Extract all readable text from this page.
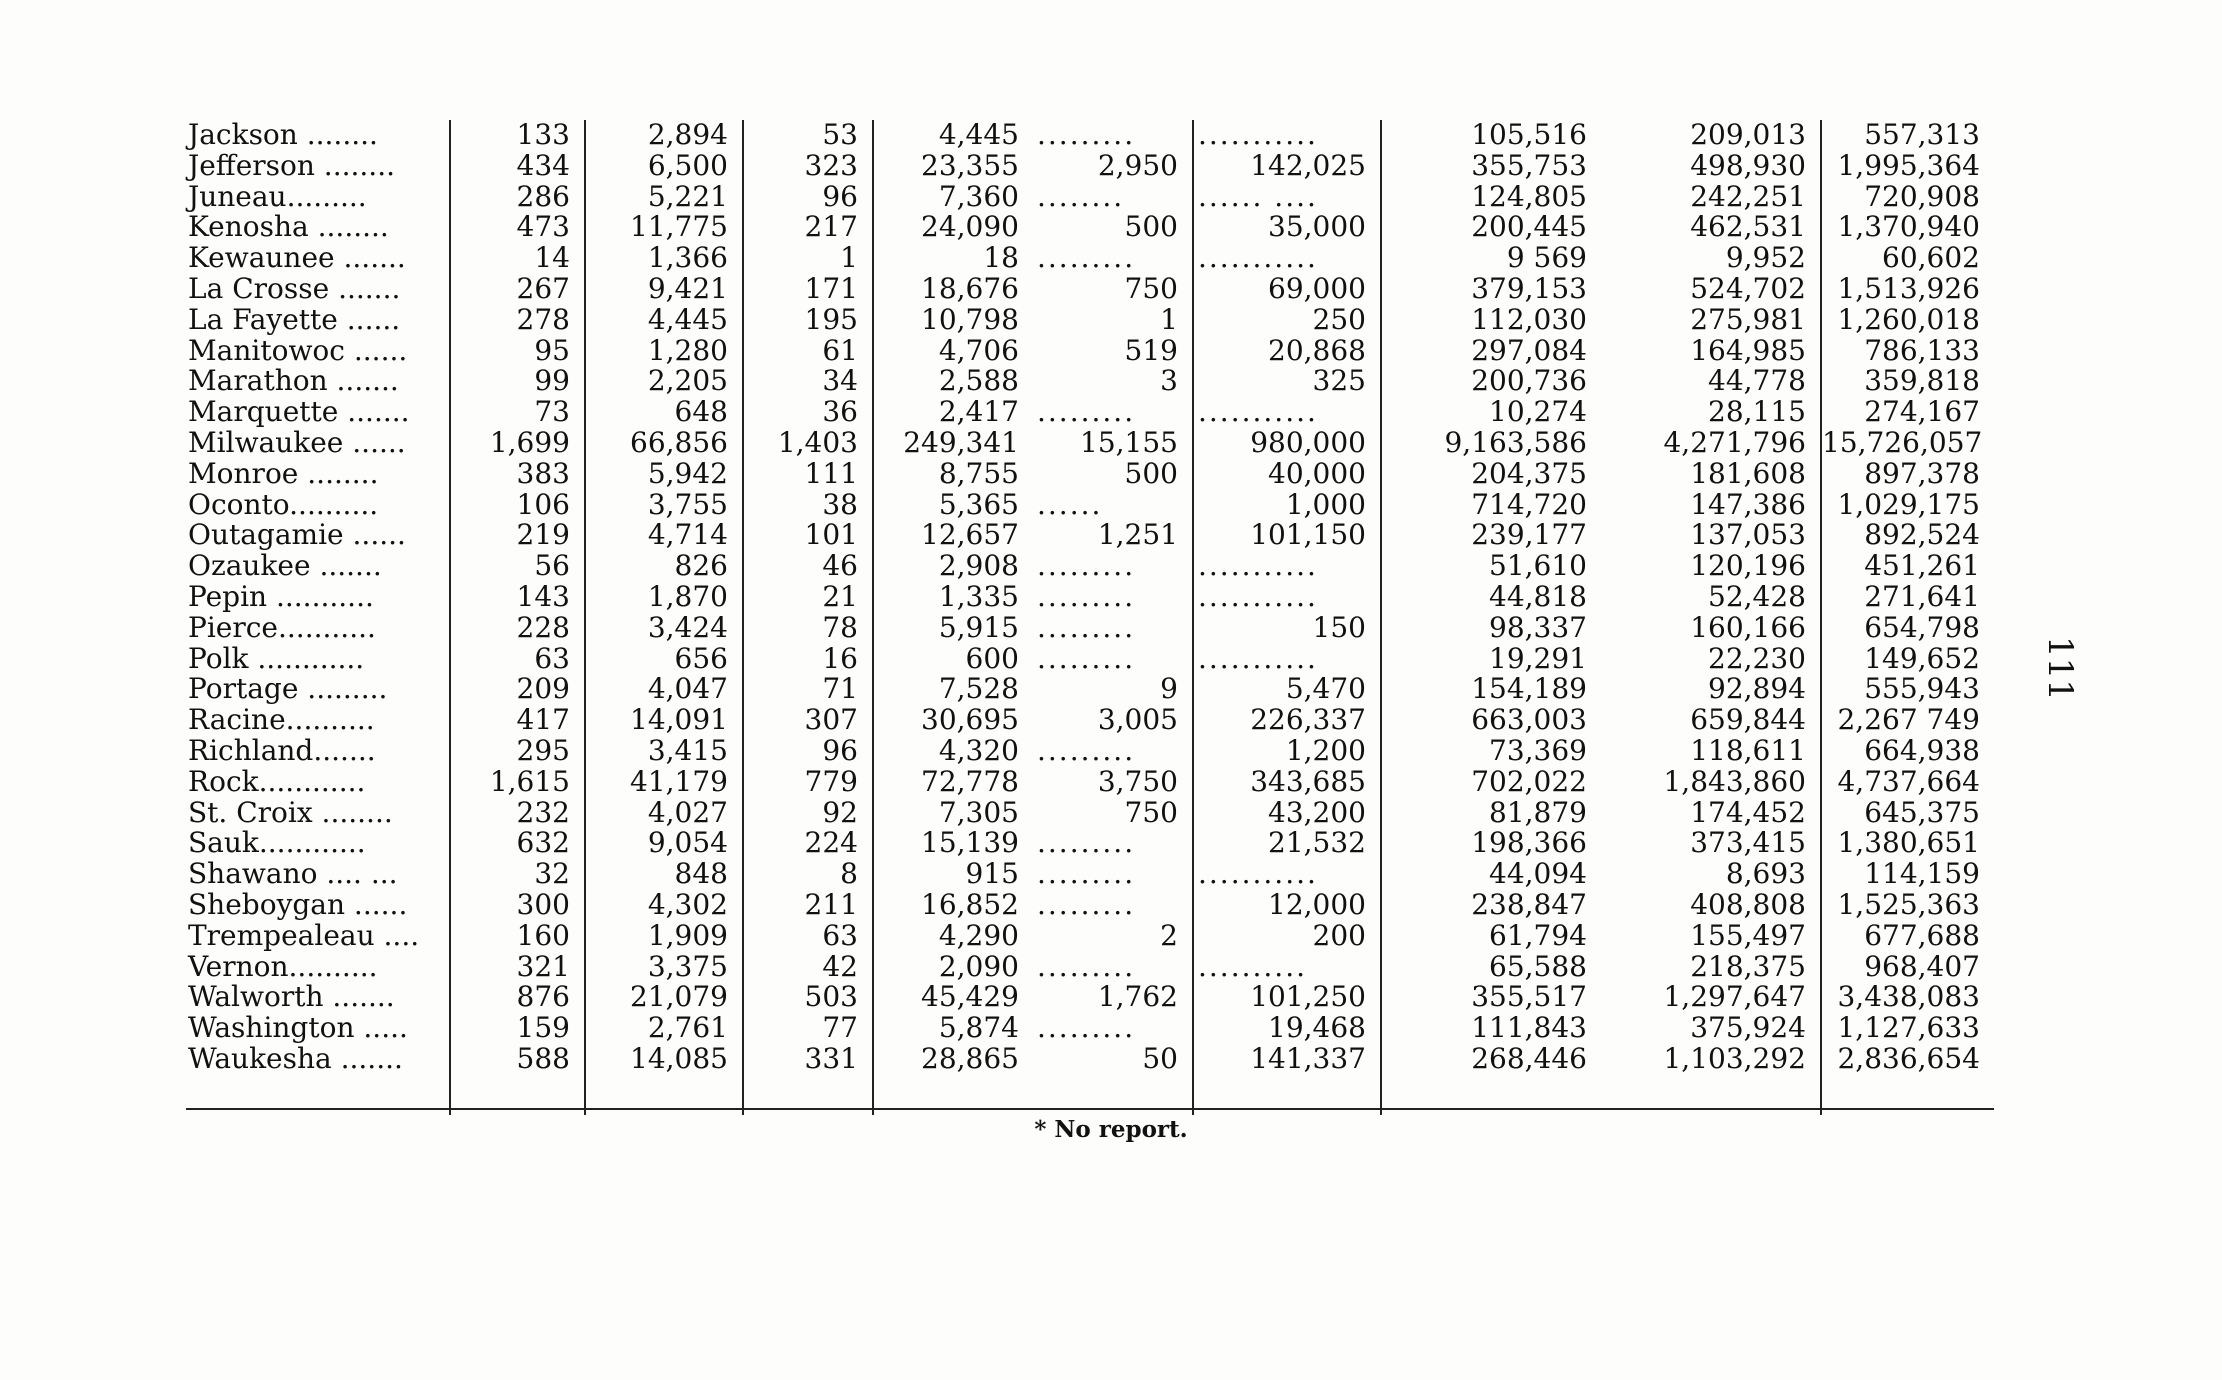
Jackson ........	133	2,894	53	4,445	.........	...........	105,516	209,013	557,313
Jefferson ........	434	6,500	323	23,355	2,950	142,025	355,753	498,930	1,995,364
Juneau.........	286	5,221	96	7,360	........	...... ....	124,805	242,251	720,908
Kenosha ........	473	11,775	217	24,090	500	35,000	200,445	462,531	1,370,940
Kewaunee .......	14	1,366	1	18	.........	...........	9 569	9,952	60,602
La Crosse .......	267	9,421	171	18,676	750	69,000	379,153	524,702	1,513,926
La Fayette ......	278	4,445	195	10,798	1	250	112,030	275,981	1,260,018
Manitowoc ......	95	1,280	61	4,706	519	20,868	297,084	164,985	786,133
Marathon .......	99	2,205	34	2,588	3	325	200,736	44,778	359,818
Marquette .......	73	648	36	2,417	.........	...........	10,274	28,115	274,167
Milwaukee ......	1,699	66,856	1,403	249,341	15,155	980,000	9,163,586	4,271,796	15,726,057
Monroe ........	383	5,942	111	8,755	500	40,000	204,375	181,608	897,378
Oconto..........	106	3,755	38	5,365	......	1,000	714,720	147,386	1,029,175
Outagamie ......	219	4,714	101	12,657	1,251	101,150	239,177	137,053	892,524
Ozaukee .......	56	826	46	2,908	.........	...........	51,610	120,196	451,261
Pepin ...........	143	1,870	21	1,335	.........	...........	44,818	52,428	271,641
Pierce...........	228	3,424	78	5,915	.........	150	98,337	160,166	654,798
Polk ............	63	656	16	600	.........	...........	19,291	22,230	149,652
Portage .........	209	4,047	71	7,528	9	5,470	154,189	92,894	555,943
Racine..........	417	14,091	307	30,695	3,005	226,337	663,003	659,844	2,267 749
Richland.......	295	3,415	96	4,320	.........	1,200	73,369	118,611	664,938
Rock............	1,615	41,179	779	72,778	3,750	343,685	702,022	1,843,860	4,737,664
St. Croix ........	232	4,027	92	7,305	750	43,200	81,879	174,452	645,375
Sauk............	632	9,054	224	15,139	.........	21,532	198,366	373,415	1,380,651
Shawano .... ...	32	848	8	915	.........	...........	44,094	8,693	114,159
Sheboygan ......	300	4,302	211	16,852	.........	12,000	238,847	408,808	1,525,363
Trempealeau ....	160	1,909	63	4,290	2	200	61,794	155,497	677,688
Vernon..........	321	3,375	42	2,090	.........	..........	65,588	218,375	968,407
Walworth .......	876	21,079	503	45,429	1,762	101,250	355,517	1,297,647	3,438,083
Washington .....	159	2,761	77	5,874	.........	19,468	111,843	375,924	1,127,633
Waukesha .......	588	14,085	331	28,865	50	141,337	268,446	1,103,292	2,836,654

* No report.
111
